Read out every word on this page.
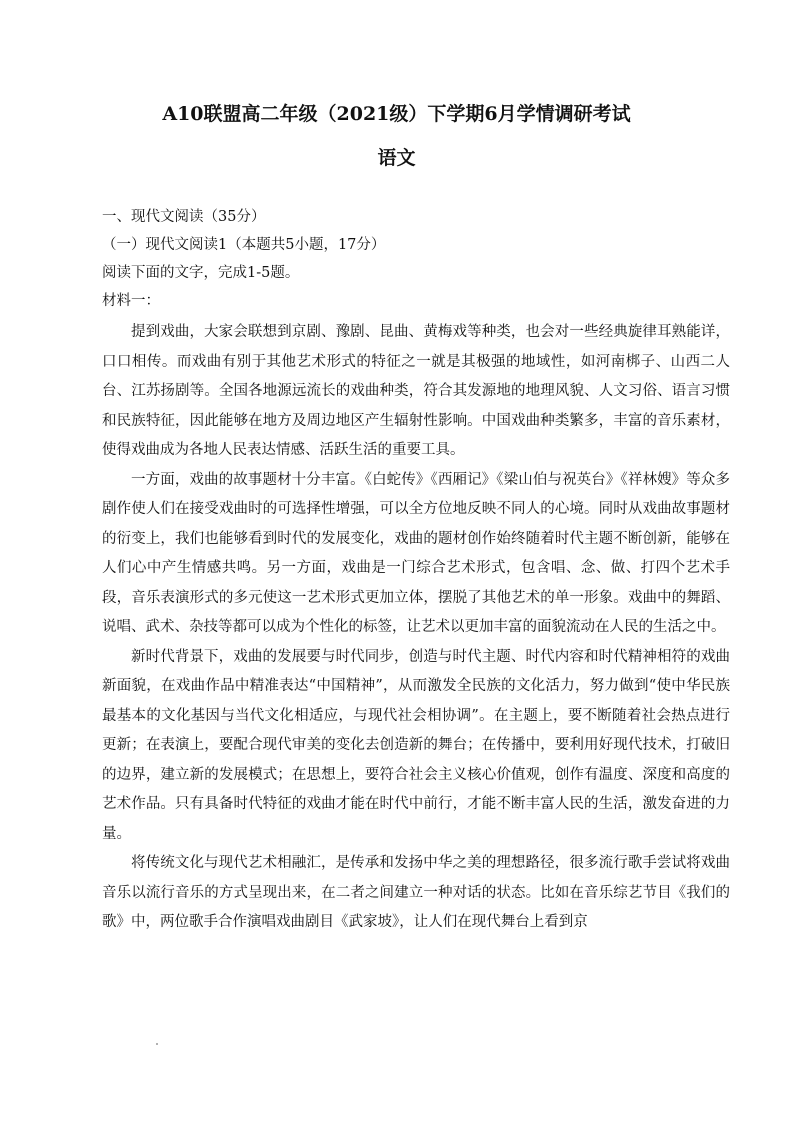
A10联盟高二年级（2021级）下学期6月学情调研考试
语文

一、现代文阅读（35分）

（一）现代文阅读1（本题共5小题，17分）

阅读下面的文字，完成1-5题。

材料一：

提到戏曲，大家会联想到京剧、豫剧、昆曲、黄梅戏等种类，也会对一些经典旋律耳熟能详，口口相传。而戏曲有别于其他艺术形式的特征之一就是其极强的地域性，如河南梆子、山西二人台、江苏扬剧等。全国各地源远流长的戏曲种类，符合其发源地的地理风貌、人文习俗、语言习惯和民族特征，因此能够在地方及周边地区产生辐射性影响。中国戏曲种类繁多，丰富的音乐素材，使得戏曲成为各地人民表达情感、活跃生活的重要工具。

一方面，戏曲的故事题材十分丰富。《白蛇传》《西厢记》《梁山伯与祝英台》《祥林嫂》等众多剧作使人们在接受戏曲时的可选择性增强，可以全方位地反映不同人的心境。同时从戏曲故事题材的衍变上，我们也能够看到时代的发展变化，戏曲的题材创作始终随着时代主题不断创新，能够在人们心中产生情感共鸣。另一方面，戏曲是一门综合艺术形式，包含唱、念、做、打四个艺术手段，音乐表演形式的多元使这一艺术形式更加立体，摆脱了其他艺术的单一形象。戏曲中的舞蹈、说唱、武术、杂技等都可以成为个性化的标签，让艺术以更加丰富的面貌流动在人民的生活之中。

新时代背景下，戏曲的发展要与时代同步，创造与时代主题、时代内容和时代精神相符的戏曲新面貌，在戏曲作品中精准表达“中国精神”，从而激发全民族的文化活力，努力做到“使中华民族最基本的文化基因与当代文化相适应，与现代社会相协调”。在主题上，要不断随着社会热点进行更新；在表演上，要配合现代审美的变化去创造新的舞台；在传播中，要利用好现代技术，打破旧的边界，建立新的发展模式；在思想上，要符合社会主义核心价值观，创作有温度、深度和高度的艺术作品。只有具备时代特征的戏曲才能在时代中前行，才能不断丰富人民的生活，激发奋进的力量。

将传统文化与现代艺术相融汇，是传承和发扬中华之美的理想路径，很多流行歌手尝试将戏曲音乐以流行音乐的方式呈现出来，在二者之间建立一种对话的状态。比如在音乐综艺节目《我们的歌》中，两位歌手合作演唱戏曲剧目《武家坡》，让人们在现代舞台上看到京
